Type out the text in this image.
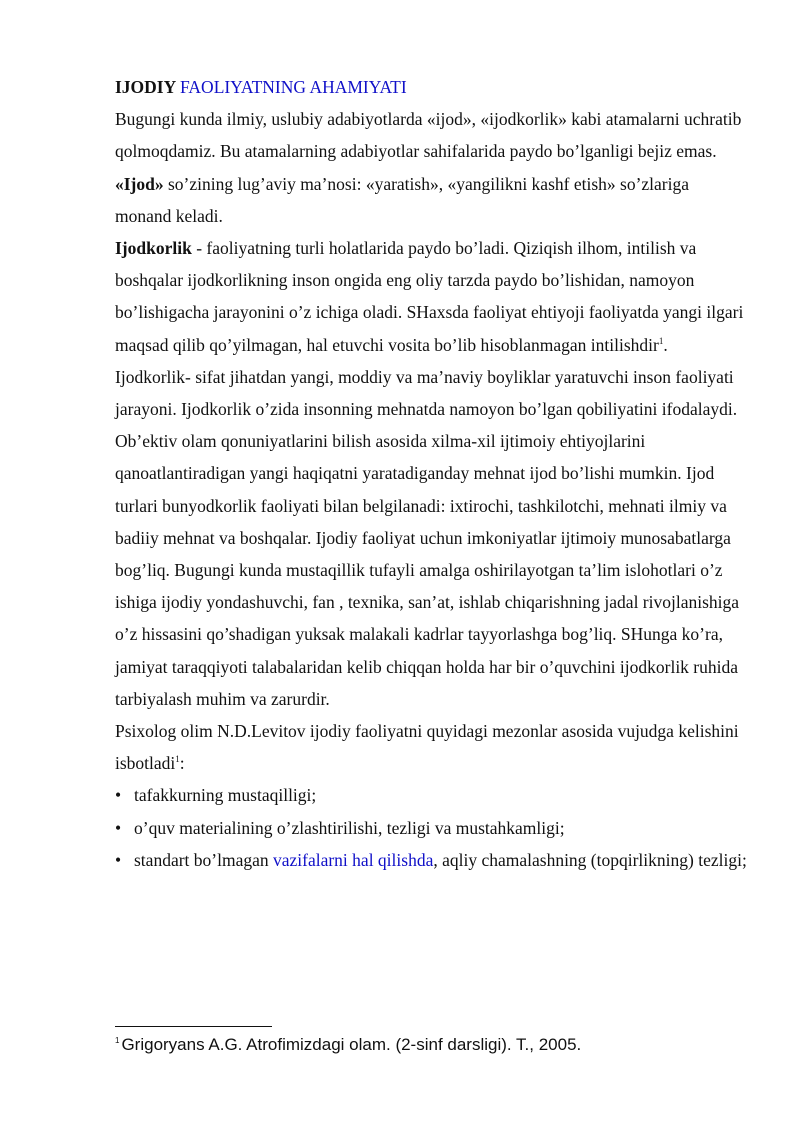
IJODIY FAOLIYATNING AHAMIYATI

Bugungi kunda ilmiy, uslubiy adabiyotlarda «ijod», «ijodkorlik» kabi atamalarni uchratib qolmoqdamiz. Bu atamalarning adabiyotlar sahifalarida paydo bo’lganligi bejiz emas.

«Ijod» so’zining lug’aviy ma’nosi: «yaratish», «yangilikni kashf etish» so’zlariga monand keladi.

Ijodkorlik - faoliyatning turli holatlarida paydo bo’ladi. Qiziqish ilhom, intilish va boshqalar ijodkorlikning inson ongida eng oliy tarzda paydo bo’lishidan, namoyon bo’lishigacha jarayonini o’z ichiga oladi. SHaxsda faoliyat ehtiyoji faoliyatda yangi ilgari maqsad qilib qo’yilmagan, hal etuvchi vosita bo’lib hisoblanmagan intilishdir$^1$.

Ijodkorlik- sifat jihatdan yangi, moddiy va ma’naviy boyliklar yaratuvchi inson faoliyati jarayoni. Ijodkorlik o’zida insonning mehnatda namoyon bo’lgan qobiliyatini ifodalaydi. Ob’ektiv olam qonuniyatlarini bilish asosida xilma-xil ijtimoiy ehtiyojlarini qanoatlantiradigan yangi haqiqatni yaratadiganday mehnat ijod bo’lishi mumkin. Ijod turlari bunyodkorlik faoliyati bilan belgilanadi: ixtirochi, tashkilotchi, mehnati ilmiy va badiiy mehnat va boshqalar. Ijodiy faoliyat uchun imkoniyatlar ijtimoiy munosabatlarga bog’liq. Bugungi kunda mustaqillik tufayli amalga oshirilayotgan ta’lim islohotlari o’z ishiga ijodiy yondashuvchi, fan , texnika, san’at, ishlab chiqarishning jadal rivojlanishiga o’z hissasini qo’shadigan yuksak malakali kadrlar tayyorlashga bog’liq. SHunga ko’ra, jamiyat taraqqiyoti talabalaridan kelib chiqqan holda har bir o’quvchini ijodkorlik ruhida tarbiyalash muhim va zarurdir.

Psixolog olim N.D.Levitov ijodiy faoliyatni quyidagi mezonlar asosida vujudga kelishini isbotladi$^1$:

• tafakkurning mustaqilligi;
• o’quv materialining o’zlashtirilishi, tezligi va mustahkamligi;
• standart bo’lmagan vazifalarni hal qilishda, aqliy chamalashning (topqirlikning) tezligi;
$^1$ Grigoryans A.G. Atrofimizdagi olam. (2-sinf darsligi). T., 2005.
